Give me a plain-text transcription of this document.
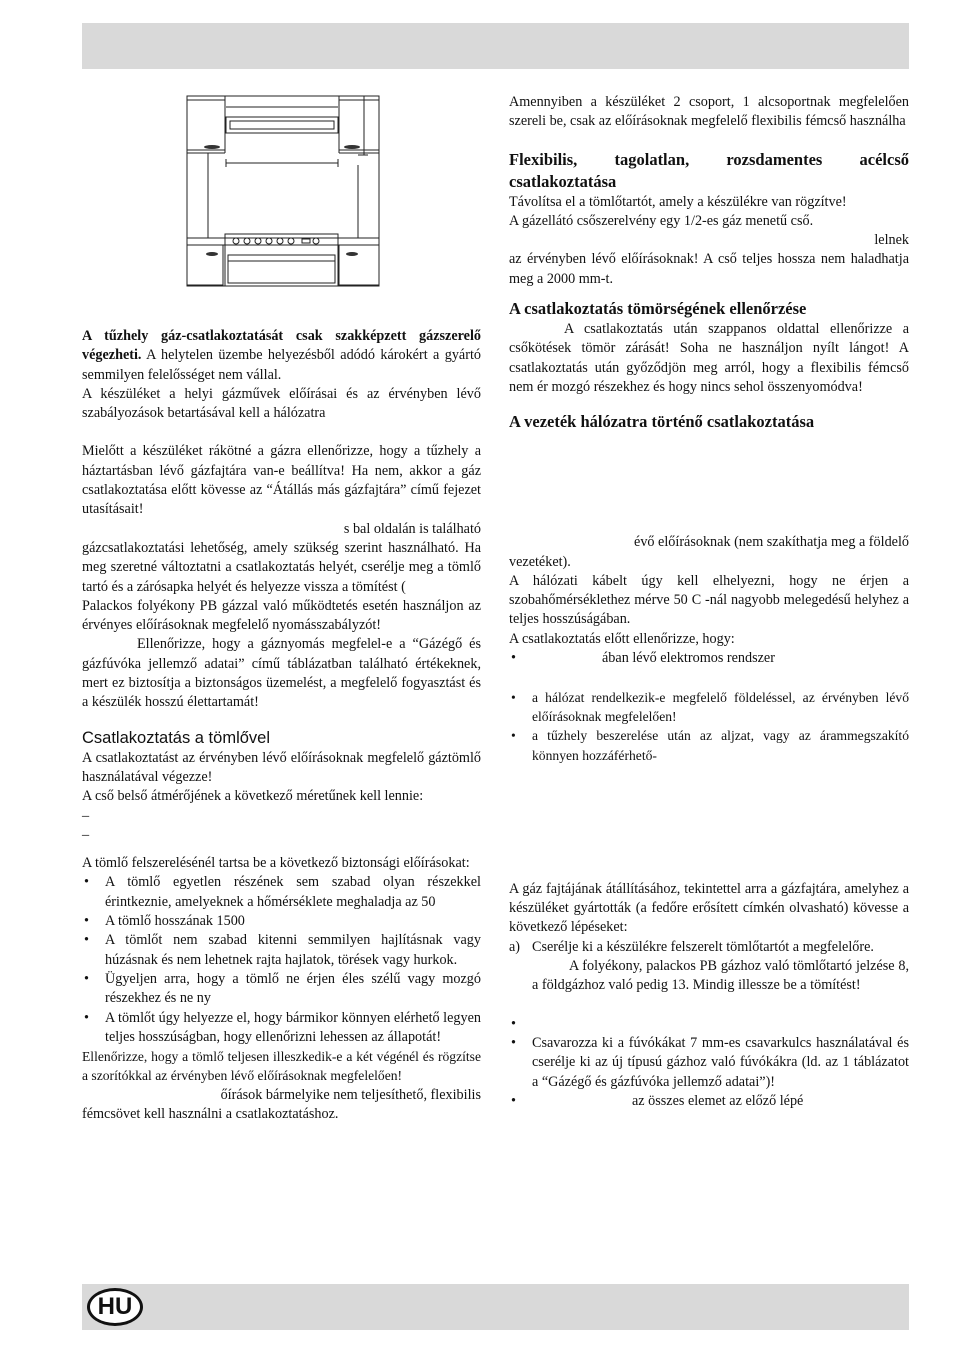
A tűzhely gáz-csatlakoztatását csak szakképzett gázszerelő végezheti. A helytelen üzembe helyezésből adódó károkért a gyártó semmilyen felelősséget nem vállal.

A készüléket a helyi gázművek előírásai és az érvényben lévő szabályozások betartásával kell a hálózatra

Mielőtt a készüléket rákötné a gázra ellenőrizze, hogy a tűzhely a háztartásban lévő gázfajtára van-e beállítva! Ha nem, akkor a gáz csatlakoztatása előtt kövesse az “Átállás más gázfajtára” című fejezet utasításait!

s bal oldalán is található

gázcsatlakoztatási lehetőség, amely szükség szerint használható. Ha meg szeretné változtatni a csatlakoztatás helyét, cserélje meg a tömlő tartó és a zárósapka helyét és helyezze vissza a tömítést (

Palackos folyékony PB gázzal való működtetés esetén használjon az érvényes előírásoknak megfelelő nyomásszabályzót!

Ellenőrizze, hogy a gáznyomás megfelel-e a “Gázégő és gázfúvóka jellemző adatai” című táblázatban található értékeknek, mert ez biztosítja a biztonságos üzemelést, a megfelelő fogyasztást és a készülék hosszú élettartamát!

Csatlakoztatás a tömlővel

A csatlakoztatást az érvényben lévő előírásoknak megfelelő gáztömlő használatával végezze!

A cső belső átmérőjének a következő méretűnek kell lennie:

–

–

A tömlő felszerelésénél tartsa be a következő biztonsági előírásokat:

• A tömlő egyetlen részének sem szabad olyan részekkel érintkeznie, amelyeknek a hőmérséklete meghaladja az 50
• A tömlő hosszának 1500
• A tömlőt nem szabad kitenni semmilyen hajlításnak vagy húzásnak és nem lehetnek rajta hajlatok, törések vagy hurkok.
• Ügyeljen arra, hogy a tömlő ne érjen éles szélű vagy mozgó részekhez és ne ny
• A tömlőt úgy helyezze el, hogy bármikor könnyen elérhető legyen teljes hosszúságban, hogy ellenőrizni lehessen az állapotát!

Ellenőrizze, hogy a tömlő teljesen illeszkedik-e a két végénél és rögzítse a szorítókkal az érvényben lévő előírásoknak megfelelően!

őírások bármelyike nem teljesíthető, flexibilis

fémcsövet kell használni a csatlakoztatáshoz.

Amennyiben a készüléket 2 csoport, 1 alcsoportnak megfelelően szereli be, csak az előírásoknak megfelelő flexibilis fémcső használha

Flexibilis, tagolatlan, rozsdamentes acélcső csatlakoztatása

Távolítsa el a tömlőtartót, amely a készülékre van rögzítve!

A gázellátó csőszerelvény egy 1/2-es gáz menetű cső.

lelnek

az érvényben lévő előírásoknak! A cső teljes hossza nem haladhatja meg a 2000 mm-t.

A csatlakoztatás tömörségének ellenőrzése

A csatlakoztatás után szappanos oldattal ellenőrizze a csőkötések tömör zárását! Soha ne használjon nyílt lángot! A csatlakoztatás után győződjön meg arról, hogy a flexibilis fémcső nem ér mozgó részekhez és hogy nincs sehol összenyomódva!

A vezeték hálózatra történő csatlakoztatása

évő előírásoknak (nem szakíthatja meg a földelő

vezetéket).

A hálózati kábelt úgy kell elhelyezni, hogy ne érjen a szobahőmérséklethez mérve 50 C -nál nagyobb melegedésű helyhez a teljes hosszúságában.

A csatlakoztatás előtt ellenőrizze, hogy:

• ában lévő elektromos rendszer
• a hálózat rendelkezik-e megfelelő földeléssel, az érvényben lévő előírásoknak megfelelően!
• a tűzhely beszerelése után az aljzat, vagy az árammegszakító könnyen hozzáférhető-

A gáz fajtájának átállításához, tekintettel arra a gázfajtára, amelyhez a készüléket gyártották (a fedőre erősített címkén olvasható) kövesse a következő lépéseket:

a) Cserélje ki a készülékre felszerelt tömlőtartót a megfelelőre.

A folyékony, palackos PB gázhoz való tömlőtartó jelzése 8, a földgázhoz való pedig 13. Mindig illessze be a tömítést!

•
• Csavarozza ki a fúvókákat 7 mm-es csavarkulcs használatával és cserélje ki az új típusú gázhoz való fúvókákra (ld. az 1 táblázatot a “Gázégő és gázfúvóka jellemző adatai”)!
• az összes elemet az előző lépé
HU
